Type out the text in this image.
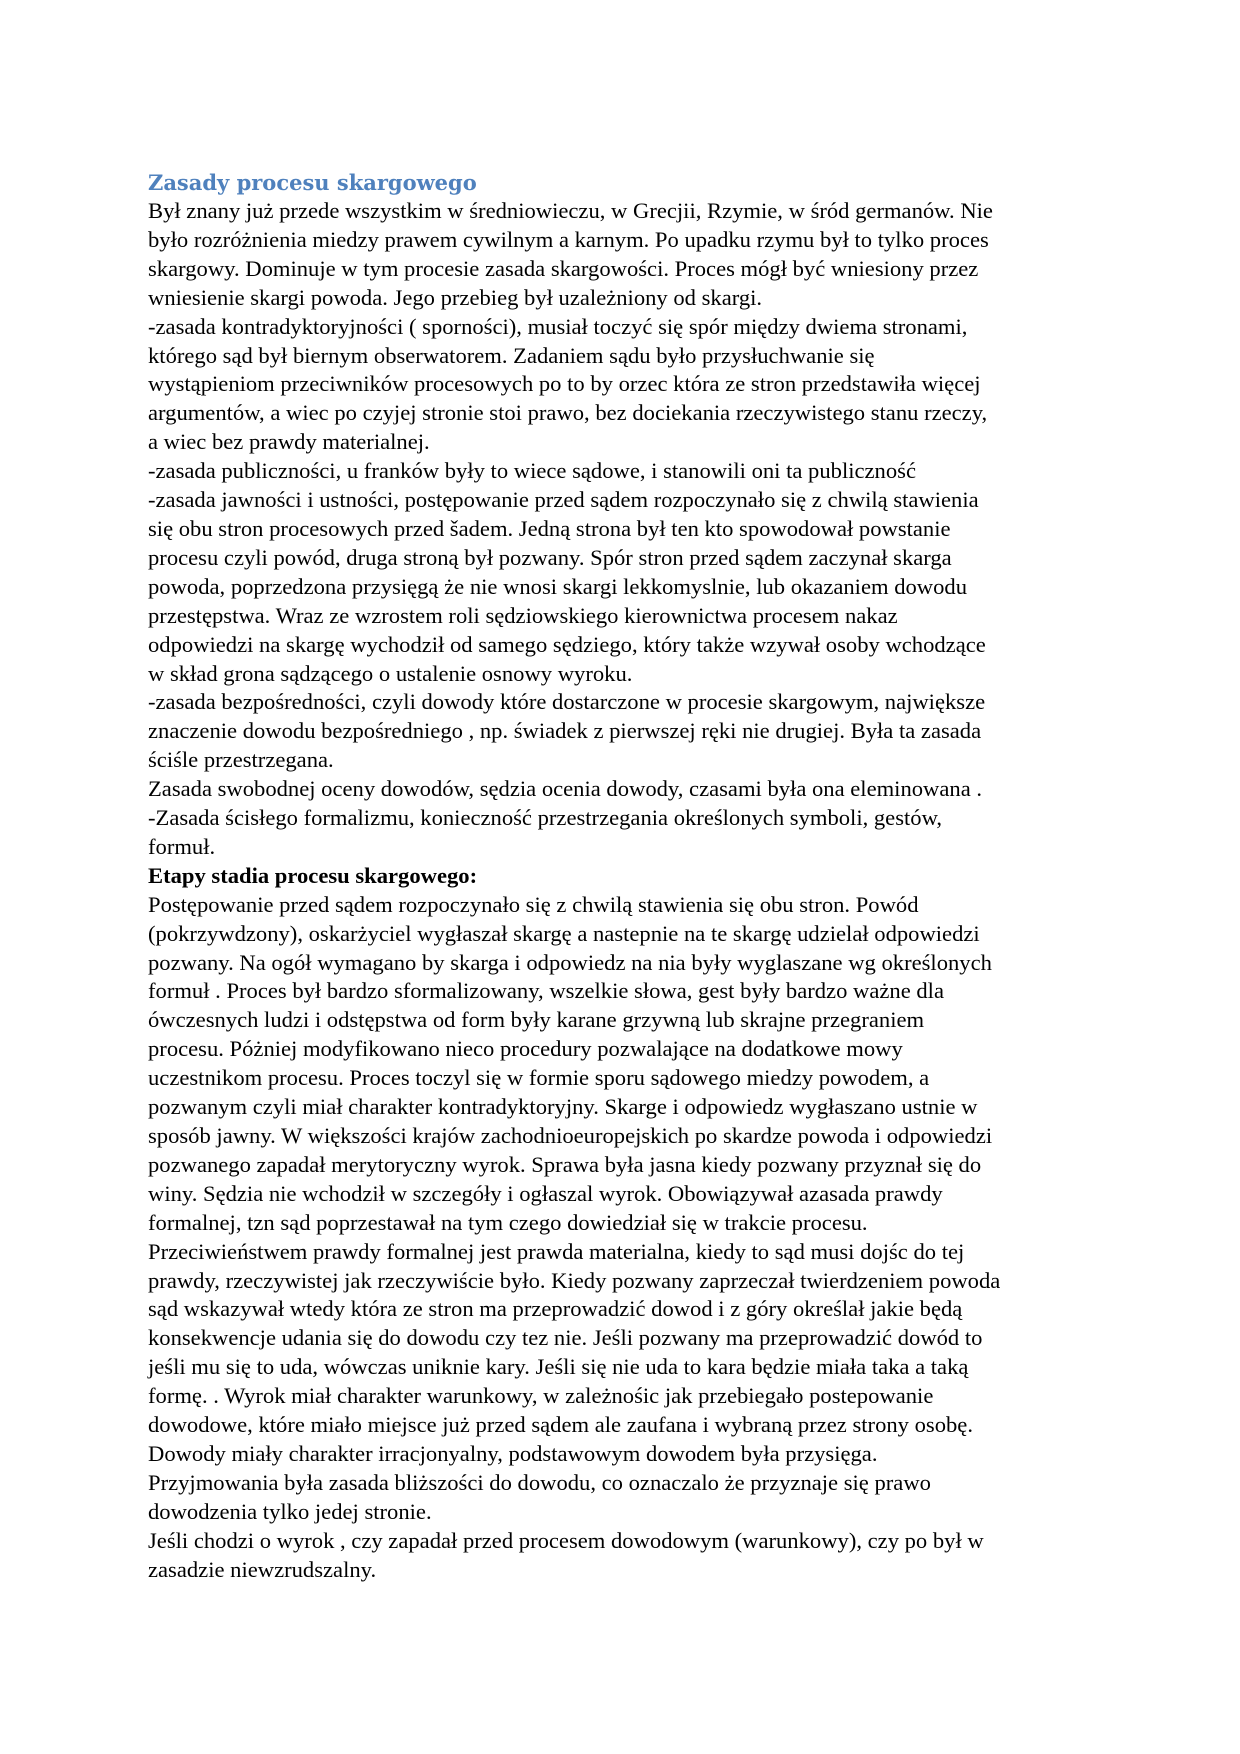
Zasady procesu skargowego
Był znany już przede wszystkim w średniowieczu, w Grecjii, Rzymie, w śród germanów. Nie
było rozróżnienia miedzy prawem cywilnym a karnym. Po upadku rzymu był to tylko proces
skargowy. Dominuje w tym procesie zasada skargowości. Proces mógł być wniesiony przez
wniesienie skargi powoda. Jego przebieg był uzależniony od skargi.
-zasada kontradyktoryjności ( sporności), musiał toczyć się spór między dwiema stronami,
którego sąd był biernym obserwatorem. Zadaniem sądu było przysłuchwanie się
wystąpieniom przeciwników procesowych po to by orzec która ze stron przedstawiła więcej
argumentów, a wiec po czyjej stronie stoi prawo, bez dociekania rzeczywistego stanu rzeczy,
a wiec bez prawdy materialnej.
-zasada publiczności, u franków były to wiece sądowe, i stanowili oni ta publiczność
-zasada jawności i ustności, postępowanie przed sądem rozpoczynało się z chwilą stawienia
się obu stron procesowych przed šadem. Jedną strona był ten kto spowodował powstanie
procesu czyli powód, druga stroną był pozwany. Spór stron przed sądem zaczynał skarga
powoda, poprzedzona przysięgą że nie wnosi skargi lekkomyslnie, lub okazaniem dowodu
przestępstwa. Wraz ze wzrostem roli sędziowskiego kierownictwa procesem nakaz
odpowiedzi na skargę wychodził od samego sędziego, który także wzywał osoby wchodzące
w skład grona sądzącego o ustalenie osnowy wyroku.
-zasada bezpośredności, czyli dowody które dostarczone w procesie skargowym, największe
znaczenie dowodu bezpośredniego , np. świadek z pierwszej ręki nie drugiej. Była ta zasada
ściśle przestrzegana.
Zasada swobodnej oceny dowodów, sędzia ocenia dowody, czasami była ona eleminowana .
-Zasada ścisłego formalizmu, konieczność przestrzegania określonych symboli, gestów,
formuł.
Etapy stadia procesu skargowego:
Postępowanie przed sądem rozpoczynało się z chwilą stawienia się obu stron. Powód
(pokrzywdzony), oskarżyciel wygłaszał skargę a nastepnie na te skargę udzielał odpowiedzi
pozwany. Na ogół wymagano by skarga i odpowiedz na nia były wyglaszane wg określonych
formuł . Proces był bardzo sformalizowany, wszelkie słowa, gest były bardzo ważne dla
ówczesnych ludzi i odstępstwa od form były karane grzywną lub skrajne przegraniem
procesu. Póżniej modyfikowano nieco procedury pozwalające na dodatkowe mowy
uczestnikom procesu. Proces toczyl się w formie sporu sądowego miedzy powodem, a
pozwanym czyli miał charakter kontradyktoryjny. Skarge i odpowiedz wygłaszano ustnie w
sposób jawny. W większości krajów zachodnioeuropejskich po skardze powoda i odpowiedzi
pozwanego zapadał merytoryczny wyrok. Sprawa była jasna kiedy pozwany przyznał się do
winy. Sędzia nie wchodził w szczegóły i ogłaszal wyrok. Obowiązywał azasada prawdy
formalnej, tzn sąd poprzestawał na tym czego dowiedział się w trakcie procesu.
Przeciwieństwem prawdy formalnej jest prawda materialna, kiedy to sąd musi dojśc do tej
prawdy, rzeczywistej jak rzeczywiście było. Kiedy pozwany zaprzeczał twierdzeniem powoda
sąd wskazywał wtedy która ze stron ma przeprowadzić dowod i z góry określał jakie będą
konsekwencje udania się do dowodu czy tez nie. Jeśli pozwany ma przeprowadzić dowód to
jeśli mu się to uda, wówczas uniknie kary. Jeśli się nie uda to kara będzie miała taka a taką
formę. . Wyrok miał charakter warunkowy, w zależnośic jak przebiegało postepowanie
dowodowe, które miało miejsce już przed sądem ale zaufana i wybraną przez strony osobę.
Dowody miały charakter irracjonyalny, podstawowym dowodem była przysięga.
Przyjmowania była zasada bliższości do dowodu, co oznaczalo że przyznaje się prawo
dowodzenia tylko jedej stronie.
Jeśli chodzi o wyrok , czy zapadał przed procesem dowodowym (warunkowy), czy po był w
zasadzie niewzrudszalny.
